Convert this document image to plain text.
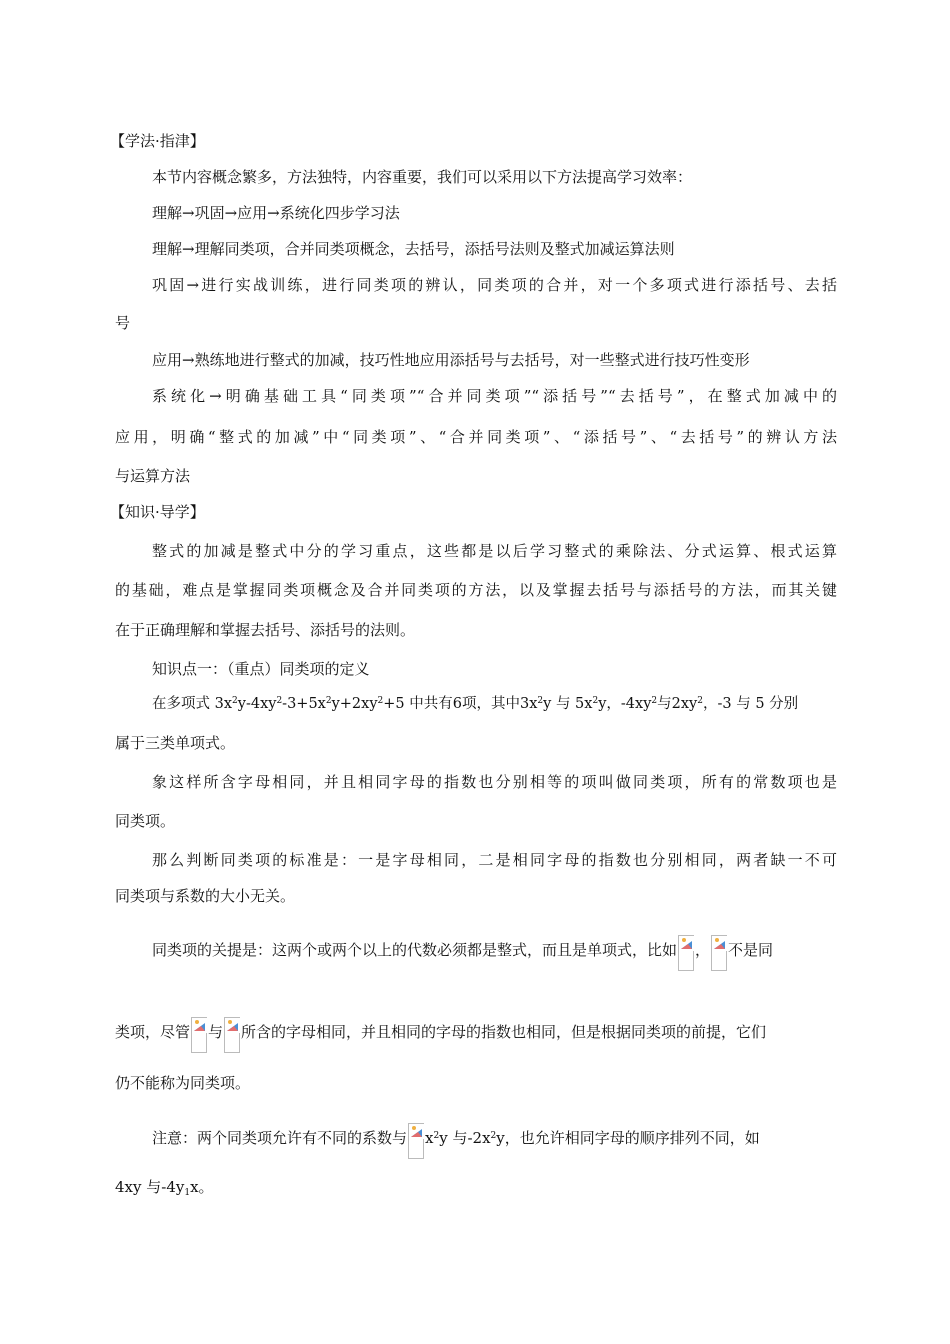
【学法·指津】
本节内容概念繁多，方法独特，内容重要，我们可以采用以下方法提高学习效率：
理解→巩固→应用→系统化四步学习法
理解→理解同类项，合并同类项概念，去括号，添括号法则及整式加减运算法则
巩固→进行实战训练，进行同类项的辨认，同类项的合并，对一个多项式进行添括号、去括
号
应用→熟练地进行整式的加减，技巧性地应用添括号与去括号，对一些整式进行技巧性变形
系统化→明确基础工具“同类项”“合并同类项”“添括号”“去括号”，在整式加减中的
应用，明确“整式的加减”中“同类项”、“合并同类项”、“添括号”、“去括号”的辨认方法
与运算方法
【知识·导学】
整式的加减是整式中分的学习重点，这些都是以后学习整式的乘除法、分式运算、根式运算
的基础，难点是掌握同类项概念及合并同类项的方法，以及掌握去括号与添括号的方法，而其关键
在于正确理解和掌握去括号、添括号的法则。
知识点一：（重点）同类项的定义
在多项式 $3x^2y-4xy^2-3+5x^2y+2xy^2+5$ 中共有6项，其中$3x^2y$ 与 $5x^2y$，$-4xy^2$与$2xy^2$，-3 与 5 分别
属于三类单项式。
象这样所含字母相同，并且相同字母的指数也分别相等的项叫做同类项，所有的常数项也是
同类项。
那么判断同类项的标准是：一是字母相同，二是相同字母的指数也分别相同，两者缺一不可
同类项与系数的大小无关。
同类项的关提是：这两个或两个以上的代数必须都是整式，而且是单项式，比如 ， 不是同
类项，尽管 与 所含的字母相同，并且相同的字母的指数也相同，但是根据同类项的前提，它们
仍不能称为同类项。
注意：两个同类项允许有不同的系数与 $x^2y$ 与$-2x^2y$，也允许相同字母的顺序排列不同，如
4xy 与$-4y_1x$。
